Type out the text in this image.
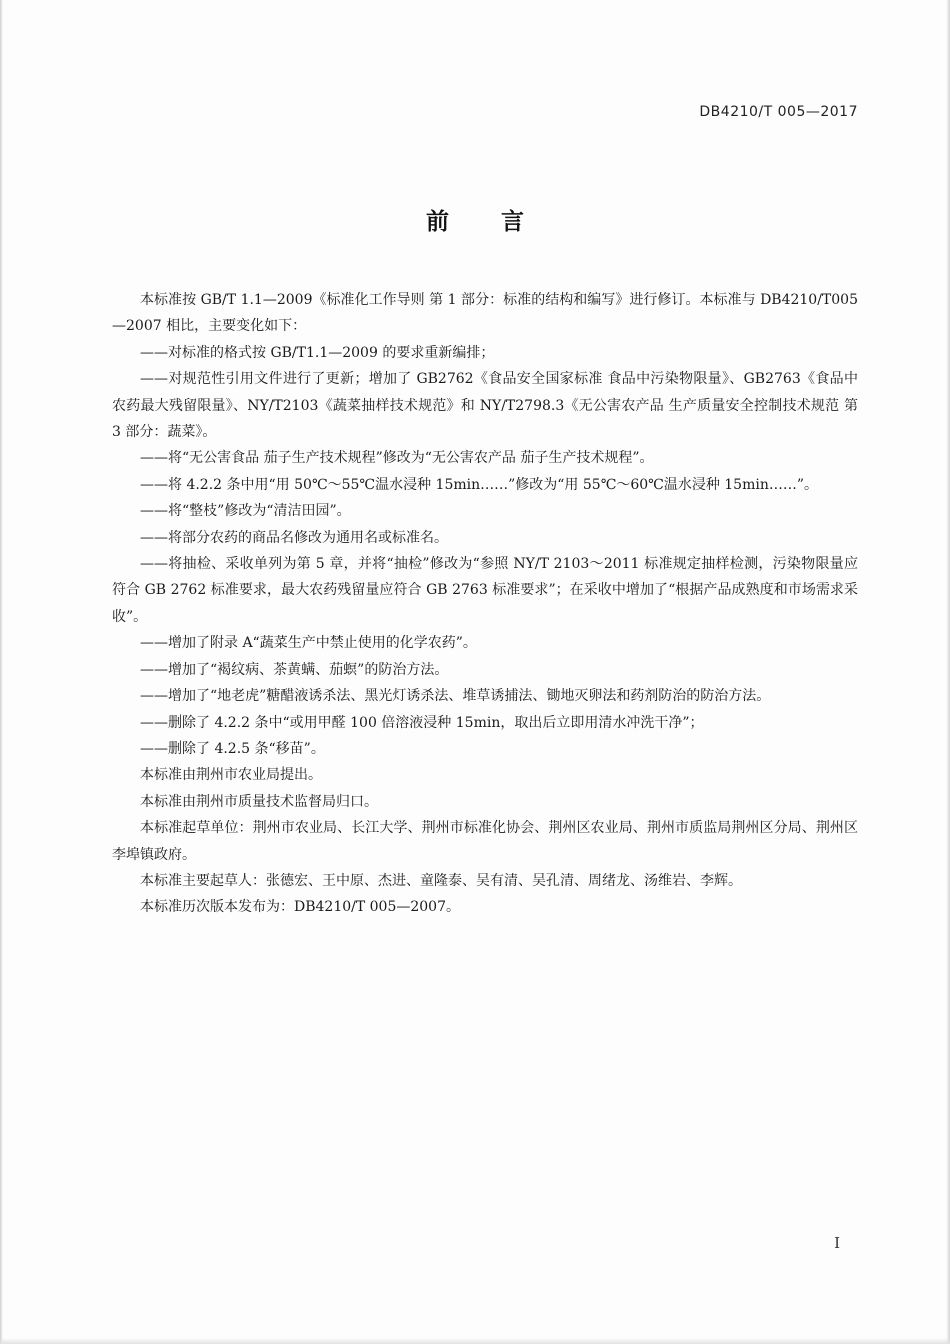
DB4210/T 005—2017
前言

本标准按 GB/T 1.1—2009《标准化工作导则 第 1 部分：标准的结构和编写》进行修订。本标准与 DB4210/T005—2007 相比，主要变化如下：

——对标准的格式按 GB/T1.1—2009 的要求重新编排；

——对规范性引用文件进行了更新；增加了 GB2762《食品安全国家标准 食品中污染物限量》、GB2763《食品中农药最大残留限量》、NY/T2103《蔬菜抽样技术规范》和 NY/T2798.3《无公害农产品 生产质量安全控制技术规范 第 3 部分：蔬菜》。

——将“无公害食品 茄子生产技术规程”修改为“无公害农产品 茄子生产技术规程”。

——将 4.2.2 条中用“用 50℃～55℃温水浸种 15min……”修改为“用 55℃～60℃温水浸种 15min……”。

——将“整枝”修改为“清洁田园”。

——将部分农药的商品名修改为通用名或标准名。

——将抽检、采收单列为第 5 章，并将“抽检”修改为“参照 NY/T 2103～2011 标准规定抽样检测，污染物限量应符合 GB 2762 标准要求，最大农药残留量应符合 GB 2763 标准要求”；在采收中增加了“根据产品成熟度和市场需求采收”。

——增加了附录 A“蔬菜生产中禁止使用的化学农药”。

——增加了“褐纹病、茶黄螨、茄螟”的防治方法。

——增加了“地老虎”糖醋液诱杀法、黑光灯诱杀法、堆草诱捕法、锄地灭卵法和药剂防治的防治方法。

——删除了 4.2.2 条中“或用甲醛 100 倍溶液浸种 15min，取出后立即用清水冲洗干净”；

——删除了 4.2.5 条“移苗”。

本标准由荆州市农业局提出。

本标准由荆州市质量技术监督局归口。

本标准起草单位：荆州市农业局、长江大学、荆州市标准化协会、荆州区农业局、荆州市质监局荆州区分局、荆州区李埠镇政府。

本标准主要起草人：张德宏、王中原、杰进、童隆泰、吴有清、吴孔清、周绪龙、汤维岩、李辉。

本标准历次版本发布为：DB4210/T 005—2007。

I
